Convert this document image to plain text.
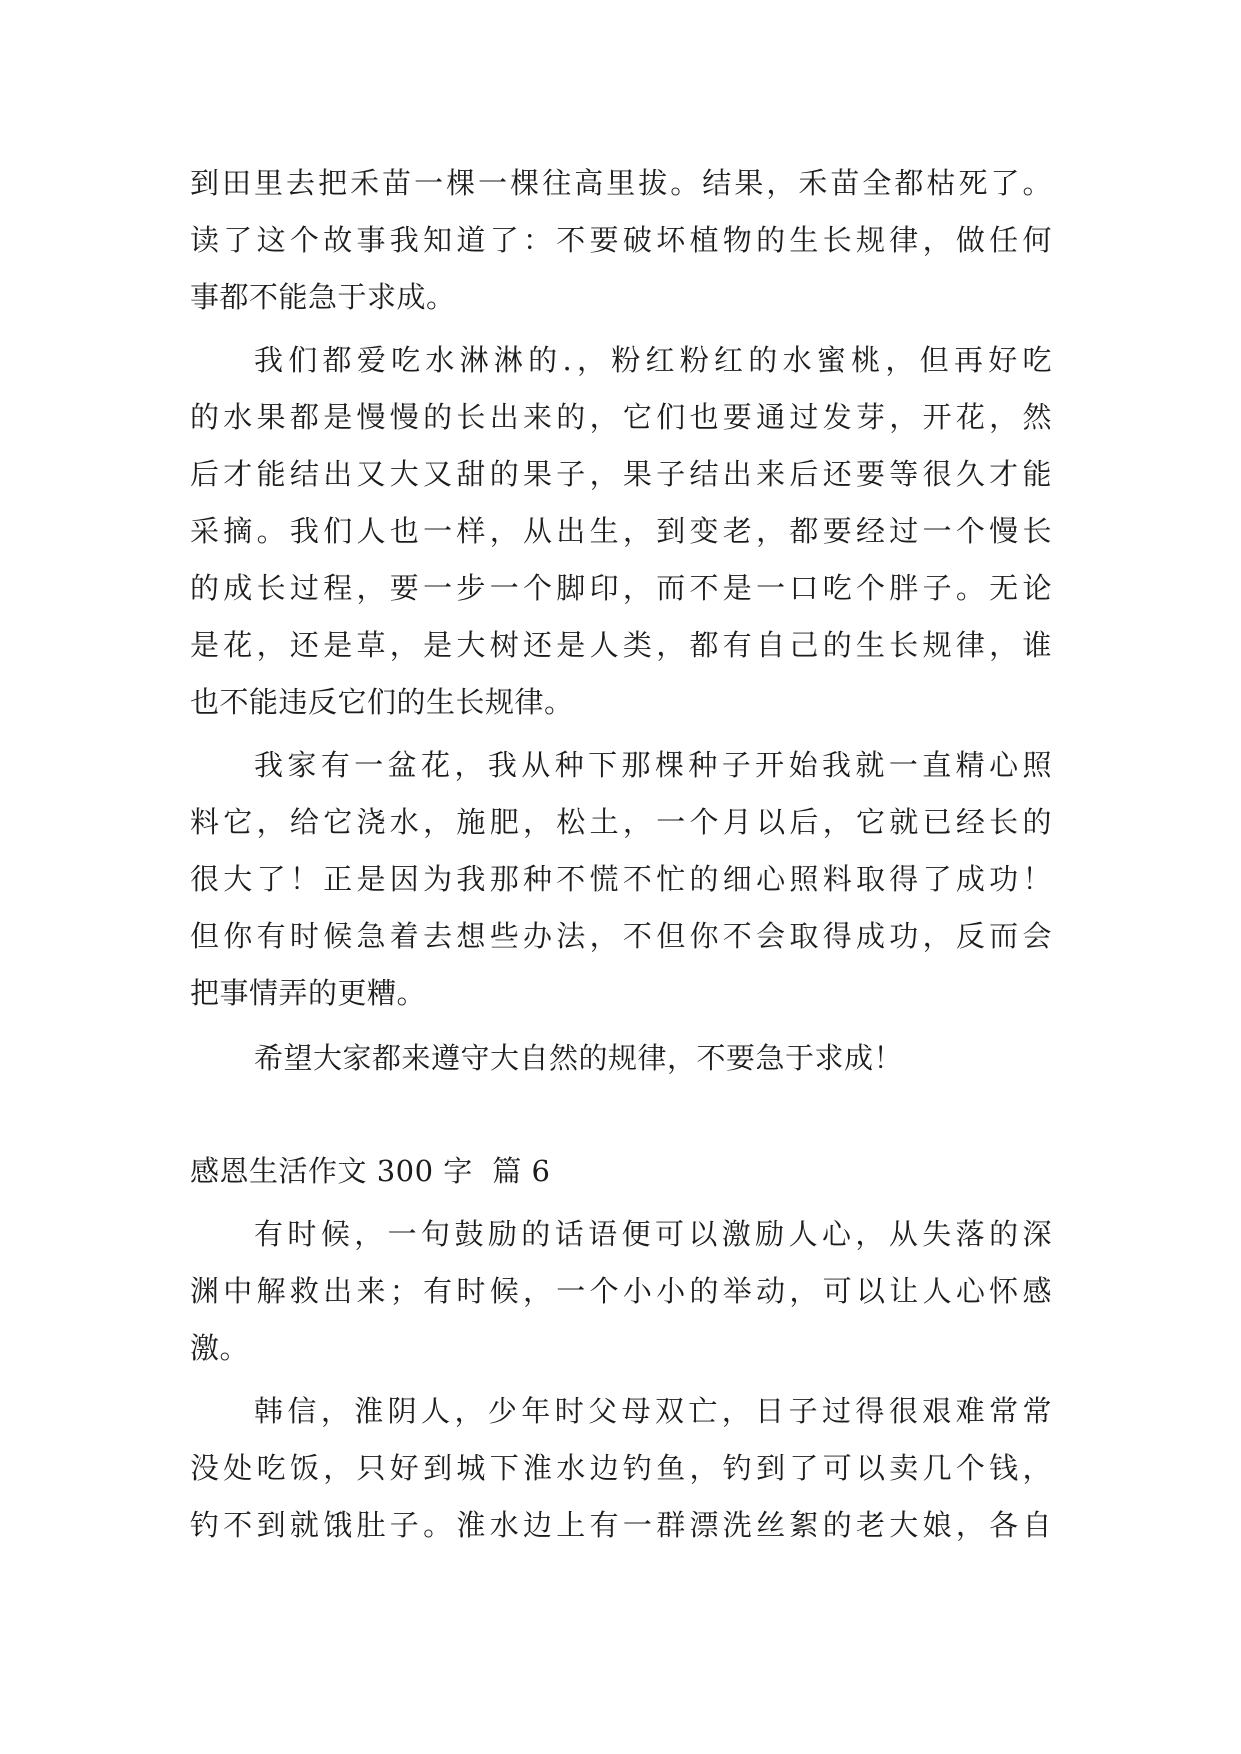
到田里去把禾苗一棵一棵往高里拔。结果，禾苗全都枯死了。
读了这个故事我知道了：不要破坏植物的生长规律，做任何
事都不能急于求成。
我们都爱吃水淋淋的.，粉红粉红的水蜜桃，但再好吃
的水果都是慢慢的长出来的，它们也要通过发芽，开花，然
后才能结出又大又甜的果子，果子结出来后还要等很久才能
采摘。我们人也一样，从出生，到变老，都要经过一个慢长
的成长过程，要一步一个脚印，而不是一口吃个胖子。无论
是花，还是草，是大树还是人类，都有自己的生长规律，谁
也不能违反它们的生长规律。
我家有一盆花，我从种下那棵种子开始我就一直精心照
料它，给它浇水，施肥，松土，一个月以后，它就已经长的
很大了！正是因为我那种不慌不忙的细心照料取得了成功！
但你有时候急着去想些办法，不但你不会取得成功，反而会
把事情弄的更糟。
希望大家都来遵守大自然的规律，不要急于求成！
感恩生活作文 300 字  篇 6
有时候，一句鼓励的话语便可以激励人心，从失落的深
渊中解救出来；有时候，一个小小的举动，可以让人心怀感
激。
韩信，淮阴人，少年时父母双亡，日子过得很艰难常常
没处吃饭，只好到城下淮水边钓鱼，钓到了可以卖几个钱，
钓不到就饿肚子。淮水边上有一群漂洗丝絮的老大娘，各自
